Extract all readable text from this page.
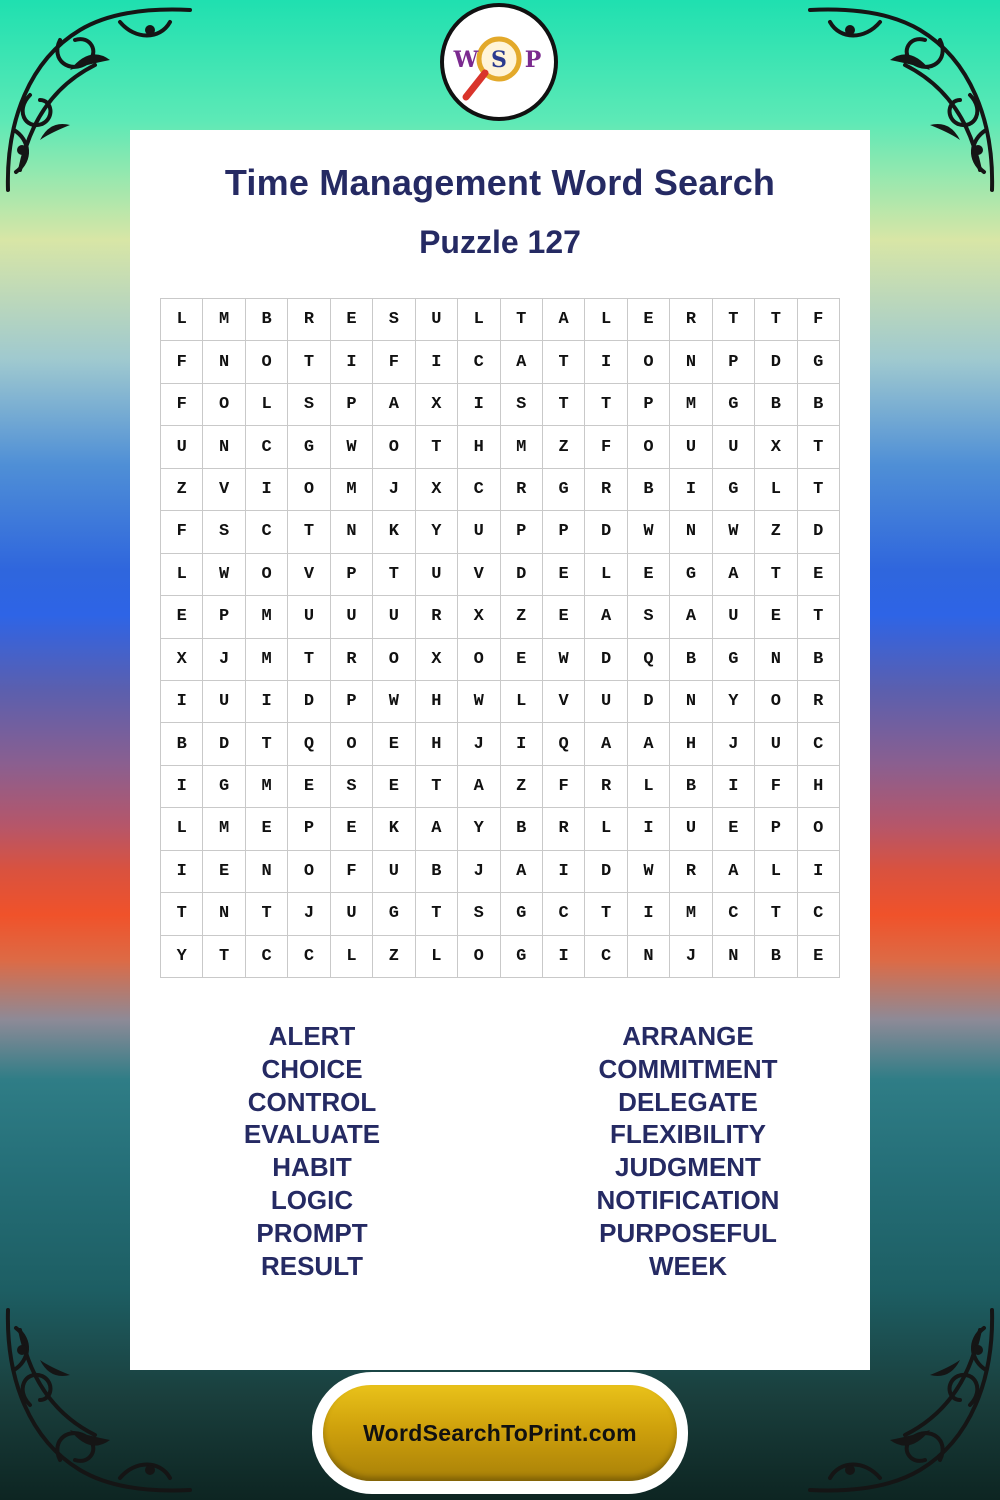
S
W P
Time Management Word Search
Puzzle 127
L	M	B	R	E	S	U	L	T	A	L	E	R	T	T	F
F	N	O	T	I	F	I	C	A	T	I	O	N	P	D	G
F	O	L	S	P	A	X	I	S	T	T	P	M	G	B	B
U	N	C	G	W	O	T	H	M	Z	F	O	U	U	X	T
Z	V	I	O	M	J	X	C	R	G	R	B	I	G	L	T
F	S	C	T	N	K	Y	U	P	P	D	W	N	W	Z	D
L	W	O	V	P	T	U	V	D	E	L	E	G	A	T	E
E	P	M	U	U	U	R	X	Z	E	A	S	A	U	E	T
X	J	M	T	R	O	X	O	E	W	D	Q	B	G	N	B
I	U	I	D	P	W	H	W	L	V	U	D	N	Y	O	R
B	D	T	Q	O	E	H	J	I	Q	A	A	H	J	U	C
I	G	M	E	S	E	T	A	Z	F	R	L	B	I	F	H
L	M	E	P	E	K	A	Y	B	R	L	I	U	E	P	O
I	E	N	O	F	U	B	J	A	I	D	W	R	A	L	I
T	N	T	J	U	G	T	S	G	C	T	I	M	C	T	C
Y	T	C	C	L	Z	L	O	G	I	C	N	J	N	B	E
ALERT
CHOICE
CONTROL
EVALUATE
HABIT
LOGIC
PROMPT
RESULT
ARRANGE
COMMITMENT
DELEGATE
FLEXIBILITY
JUDGMENT
NOTIFICATION
PURPOSEFUL
WEEK
WordSearchToPrint.com
